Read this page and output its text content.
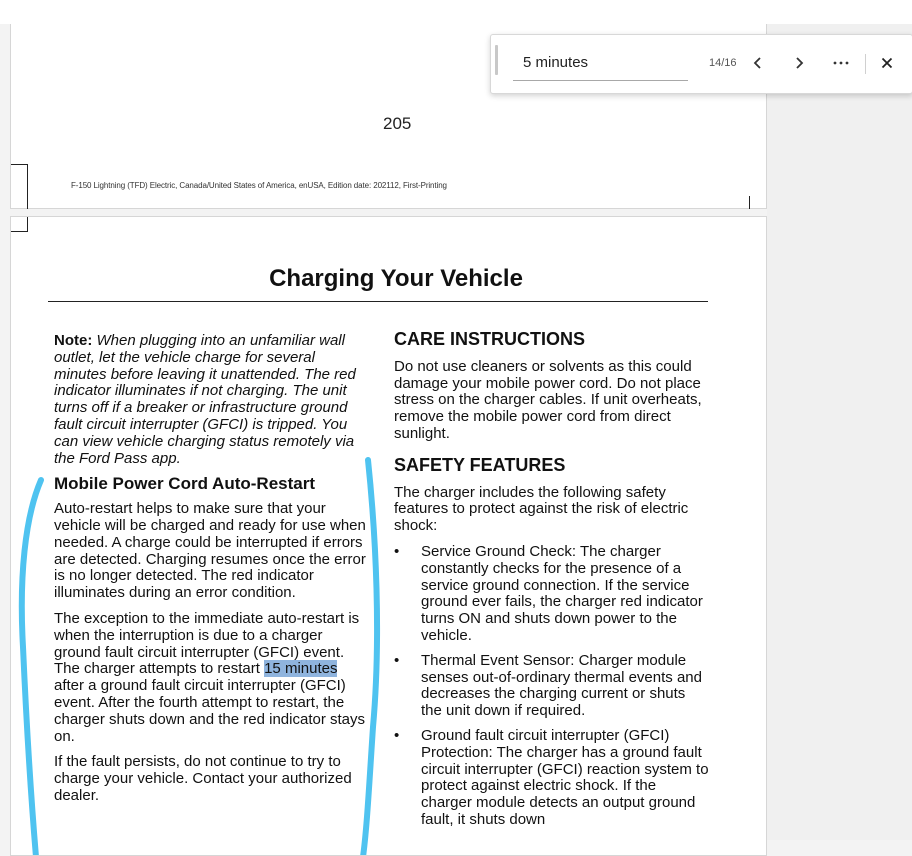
205
F-150 Lightning (TFD) Electric, Canada/United States of America, enUSA, Edition date: 202112, First-Printing
Charging Your Vehicle

Note: When plugging into an unfamiliar wall outlet, let the vehicle charge for several minutes before leaving it unattended. The red indicator illuminates if not charging. The unit turns off if a breaker or infrastructure ground fault circuit interrupter (GFCI) is tripped. You can view vehicle charging status remotely via the Ford Pass app.

Mobile Power Cord Auto-Restart

Auto-restart helps to make sure that your vehicle will be charged and ready for use when needed. A charge could be interrupted if errors are detected. Charging resumes once the error is no longer detected. The red indicator illuminates during an error condition.

The exception to the immediate auto-restart is when the interruption is due to a charger ground fault circuit interrupter (GFCI) event. The charger attempts to restart 15 minutes after a ground fault circuit interrupter (GFCI) event. After the fourth attempt to restart, the charger shuts down and the red indicator stays on.

If the fault persists, do not continue to try to charge your vehicle. Contact your authorized dealer.

CARE INSTRUCTIONS

Do not use cleaners or solvents as this could damage your mobile power cord. Do not place stress on the charger cables. If unit overheats, remove the mobile power cord from direct sunlight.

SAFETY FEATURES

The charger includes the following safety features to protect against the risk of electric shock:

• Service Ground Check: The charger constantly checks for the presence of a service ground connection. If the service ground ever fails, the charger red indicator turns ON and shuts down power to the vehicle.
• Thermal Event Sensor: Charger module senses out-of-ordinary thermal events and decreases the charging current or shuts the unit down if required.
• Ground fault circuit interrupter (GFCI) Protection: The charger has a ground fault circuit interrupter (GFCI) reaction system to protect against electric shock. If the charger module detects an output ground fault, it shuts down
5 minutes
14/16
